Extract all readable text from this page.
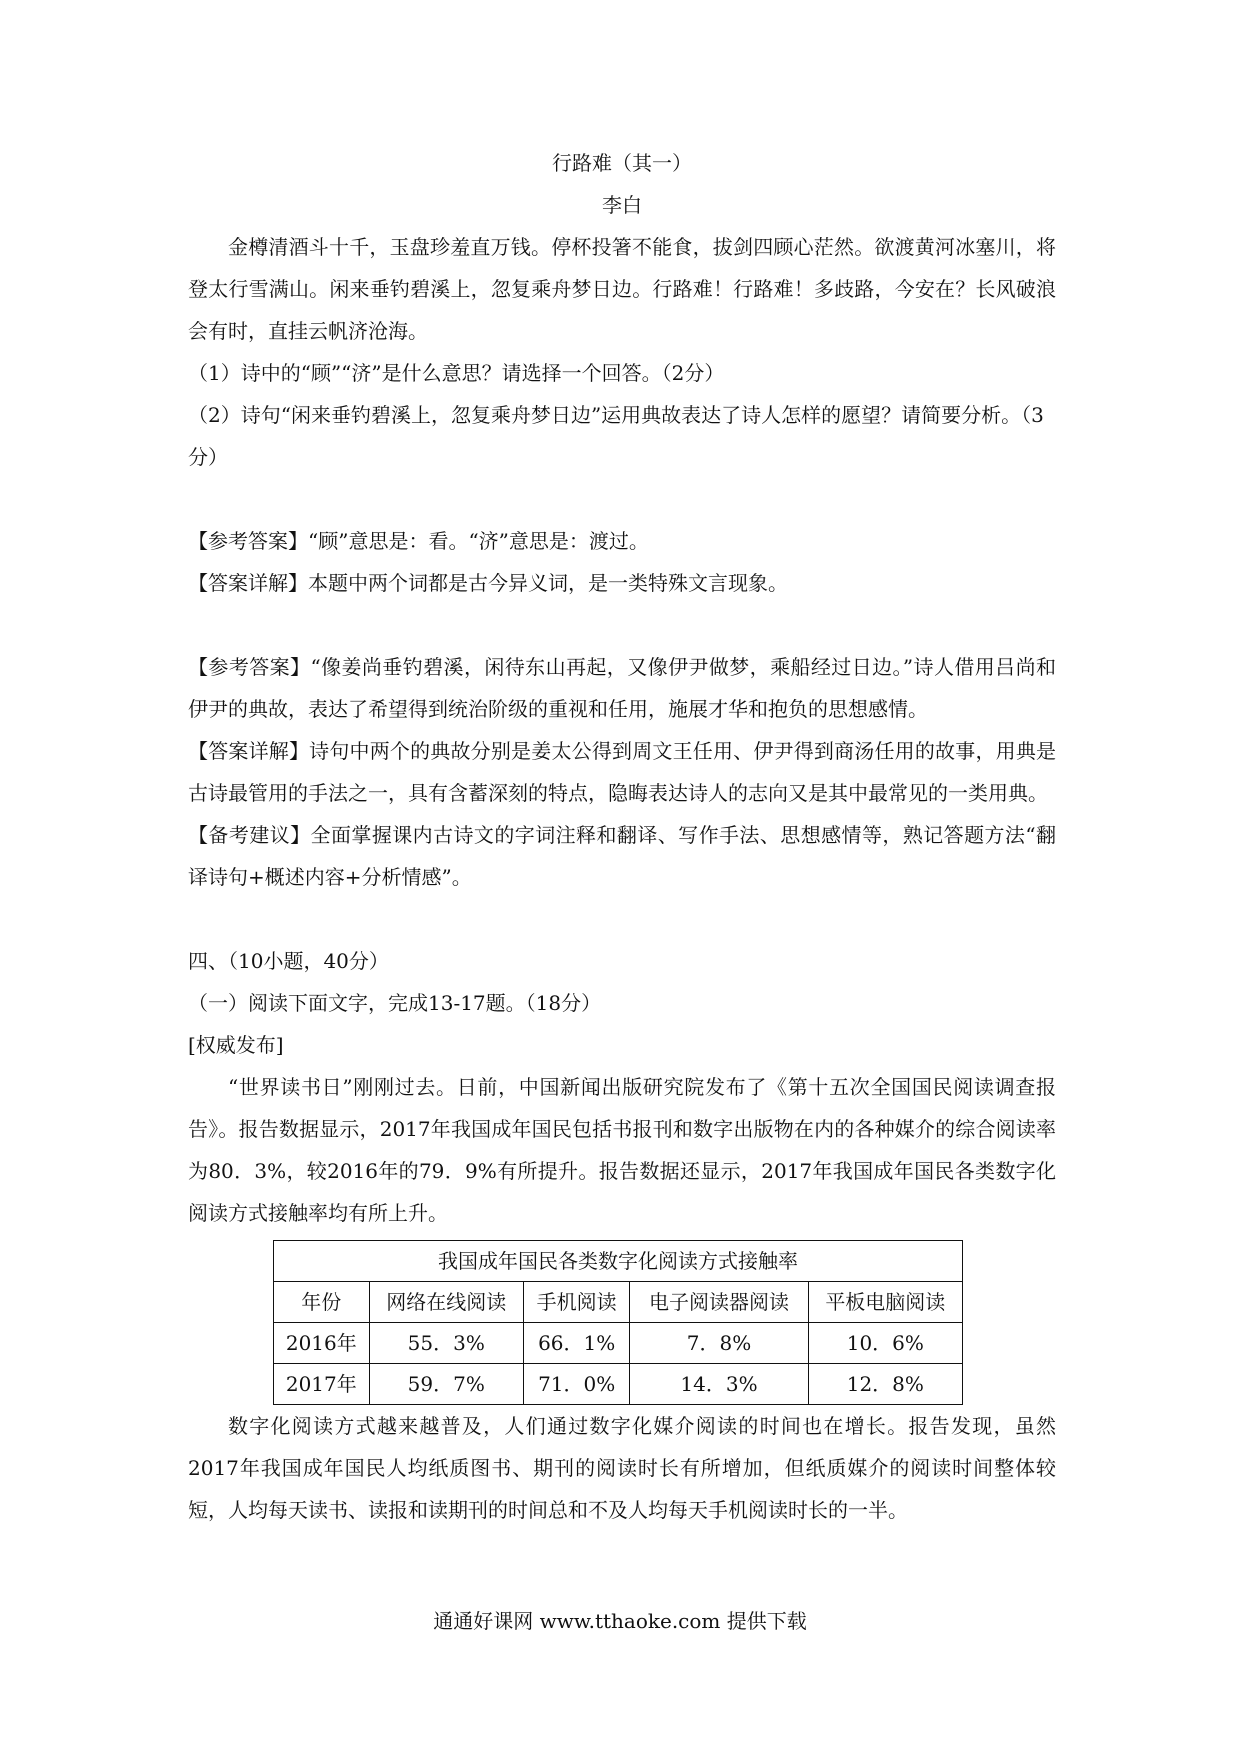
行路难（其一）

李白

金樽清酒斗十千，玉盘珍羞直万钱。停杯投箸不能食，拔剑四顾心茫然。欲渡黄河冰塞川，将登太行雪满山。闲来垂钓碧溪上，忽复乘舟梦日边。行路难！行路难！多歧路，今安在？长风破浪会有时，直挂云帆济沧海。

（1）诗中的“顾”“济”是什么意思？请选择一个回答。（2分）

（2）诗句“闲来垂钓碧溪上，忽复乘舟梦日边”运用典故表达了诗人怎样的愿望？请简要分析。（3分）

【参考答案】“顾”意思是：看。“济”意思是：渡过。

【答案详解】本题中两个词都是古今异义词，是一类特殊文言现象。

【参考答案】“像姜尚垂钓碧溪，闲待东山再起，又像伊尹做梦，乘船经过日边。”诗人借用吕尚和伊尹的典故，表达了希望得到统治阶级的重视和任用，施展才华和抱负的思想感情。

【答案详解】诗句中两个的典故分别是姜太公得到周文王任用、伊尹得到商汤任用的故事，用典是古诗最管用的手法之一，具有含蓄深刻的特点，隐晦表达诗人的志向又是其中最常见的一类用典。

【备考建议】全面掌握课内古诗文的字词注释和翻译、写作手法、思想感情等，熟记答题方法“翻译诗句+概述内容+分析情感”。

四、（10小题，40分）

（一）阅读下面文字，完成13-17题。（18分）

[权威发布]

“世界读书日”刚刚过去。日前，中国新闻出版研究院发布了《第十五次全国国民阅读调查报告》。报告数据显示，2017年我国成年国民包括书报刊和数字出版物在内的各种媒介的综合阅读率为80．3%，较2016年的79．9%有所提升。报告数据还显示，2017年我国成年国民各类数字化阅读方式接触率均有所上升。

我国成年国民各类数字化阅读方式接触率				
年份	网络在线阅读	手机阅读	电子阅读器阅读	平板电脑阅读
2016年	55．3%	66．1%	7．8%	10．6%
2017年	59．7%	71．0%	14．3%	12．8%

数字化阅读方式越来越普及，人们通过数字化媒介阅读的时间也在增长。报告发现，虽然2017年我国成年国民人均纸质图书、期刊的阅读时长有所增加，但纸质媒介的阅读时间整体较短，人均每天读书、读报和读期刊的时间总和不及人均每天手机阅读时长的一半。

通通好课网 www.tthaoke.com 提供下载
